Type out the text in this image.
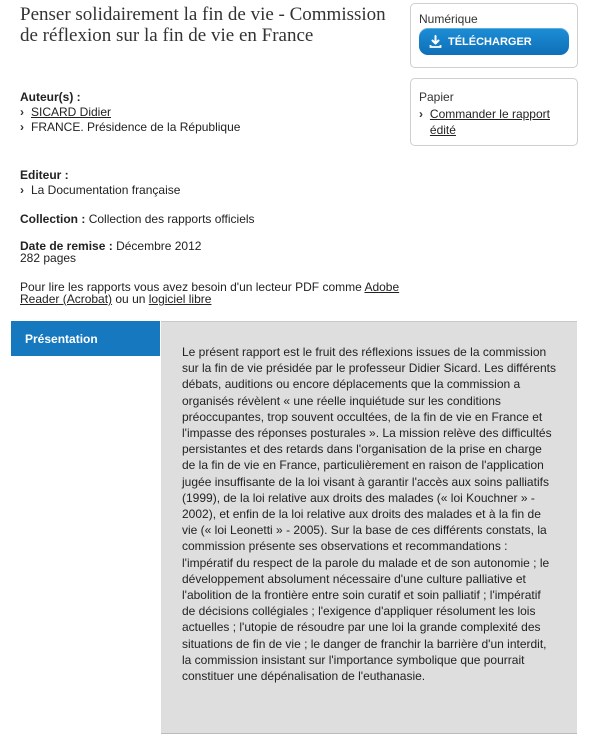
Penser solidairement la fin de vie - Commission de réflexion sur la fin de vie en France
Auteur(s) :
› SICARD Didier
› FRANCE. Présidence de la République
Editeur :
› La Documentation française
Collection : Collection des rapports officiels
Date de remise : Décembre 2012
282 pages
Pour lire les rapports vous avez besoin d'un lecteur PDF comme Adobe Reader (Acrobat) ou un logiciel libre
Numérique
TÉLÉCHARGER
Papier
› Commander le rapport édité
Présentation

Le présent rapport est le fruit des réflexions issues de la commission sur la fin de vie présidée par le professeur Didier Sicard. Les différents débats, auditions ou encore déplacements que la commission a organisés révèlent « une réelle inquiétude sur les conditions préoccupantes, trop souvent occultées, de la fin de vie en France et l'impasse des réponses posturales ». La mission relève des difficultés persistantes et des retards dans l'organisation de la prise en charge de la fin de vie en France, particulièrement en raison de l'application jugée insuffisante de la loi visant à garantir l'accès aux soins palliatifs (1999), de la loi relative aux droits des malades (« loi Kouchner » - 2002), et enfin de la loi relative aux droits des malades et à la fin de vie (« loi Leonetti » - 2005). Sur la base de ces différents constats, la commission présente ses observations et recommandations : l'impératif du respect de la parole du malade et de son autonomie ; le développement absolument nécessaire d'une culture palliative et l'abolition de la frontière entre soin curatif et soin palliatif ; l'impératif de décisions collégiales ; l'exigence d'appliquer résolument les lois actuelles ; l'utopie de résoudre par une loi la grande complexité des situations de fin de vie ; le danger de franchir la barrière d'un interdit, la commission insistant sur l'importance symbolique que pourrait constituer une dépénalisation de l'euthanasie.
